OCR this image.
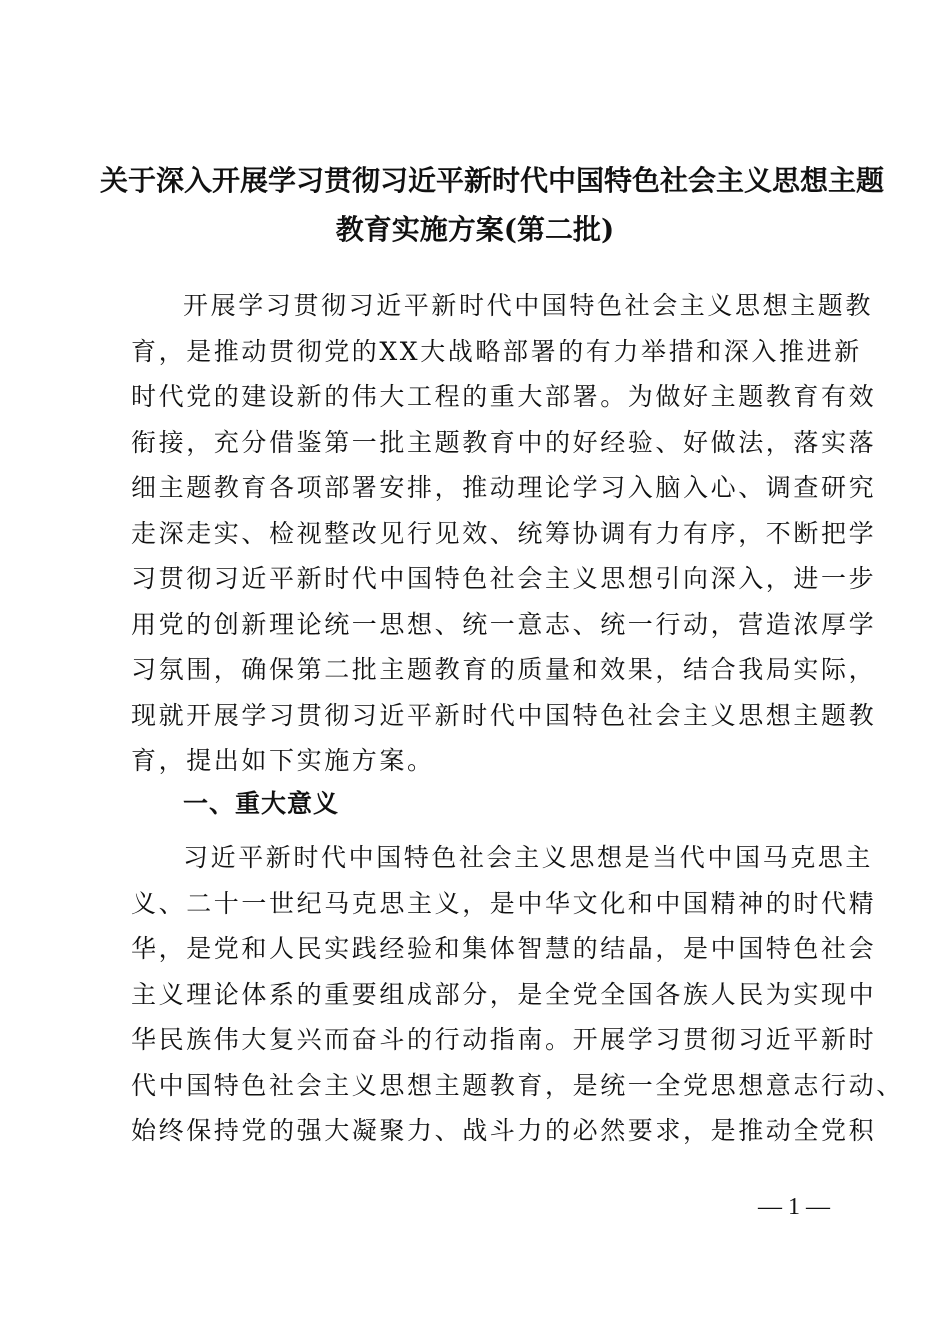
关于深入开展学习贯彻习近平新时代中国特色社会主义思想主题
教育实施方案(第二批)
开展学习贯彻习近平新时代中国特色社会主义思想主题教
育，是推动贯彻党的XX大战略部署的有力举措和深入推进新
时代党的建设新的伟大工程的重大部署。为做好主题教育有效
衔接，充分借鉴第一批主题教育中的好经验、好做法，落实落
细主题教育各项部署安排，推动理论学习入脑入心、调查研究
走深走实、检视整改见行见效、统筹协调有力有序，不断把学
习贯彻习近平新时代中国特色社会主义思想引向深入，进一步
用党的创新理论统一思想、统一意志、统一行动，营造浓厚学
习氛围，确保第二批主题教育的质量和效果，结合我局实际，
现就开展学习贯彻习近平新时代中国特色社会主义思想主题教
育，提出如下实施方案。
一、重大意义
习近平新时代中国特色社会主义思想是当代中国马克思主
义、二十一世纪马克思主义，是中华文化和中国精神的时代精
华，是党和人民实践经验和集体智慧的结晶，是中国特色社会
主义理论体系的重要组成部分，是全党全国各族人民为实现中
华民族伟大复兴而奋斗的行动指南。开展学习贯彻习近平新时
代中国特色社会主义思想主题教育，是统一全党思想意志行动、
始终保持党的强大凝聚力、战斗力的必然要求，是推动全党积
— 1 —
